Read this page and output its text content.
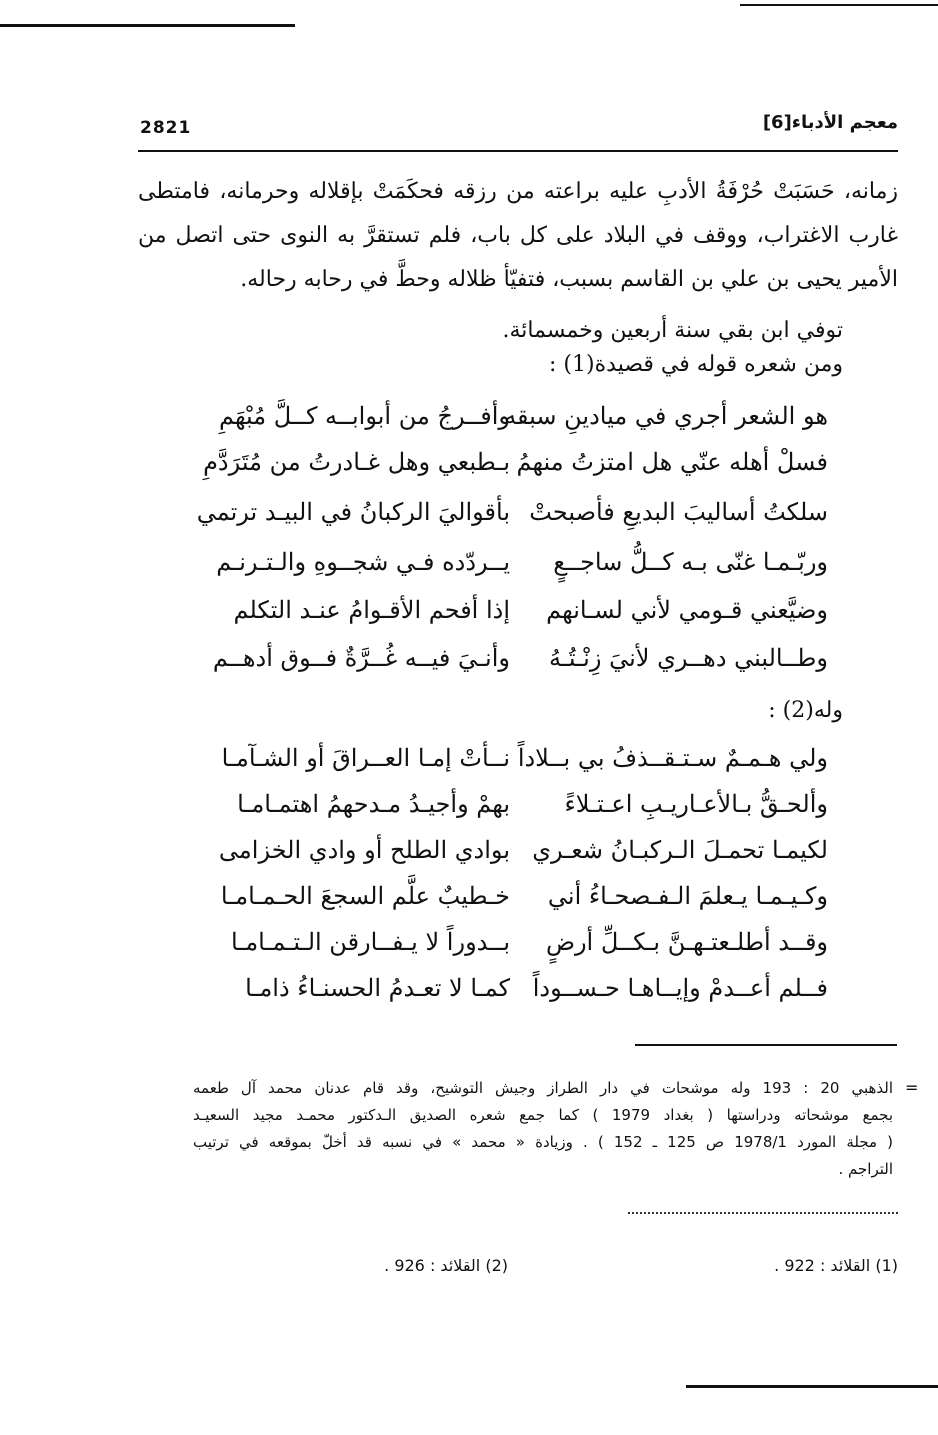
معجم الأدباء[6]
2821
زمانه، حَسَبَتْ حُرْفَةُ الأدبِ عليه براعته من رزقه فحكَمَتْ بإقلاله وحرمانه، فامتطى
غارب الاغتراب، ووقف في البلاد على كل باب، فلم تستقرَّ به النوى حتى اتصل من
الأمير يحيى بن علي بن القاسم بسبب، فتفيّأ ظلاله وحطَّ في رحابه رحاله.
توفي ابن بقي سنة أربعين وخمسمائة.
ومن شعره قوله في قصيدة(1) :
هو الشعر أجري في ميادينِ سبقه
وأفــرجُ من أبوابــه كــلَّ مُبْهَمِ
فسلْ أهله عنّي هل امتزتُ منهمُ
بـطبعي وهل غـادرتُ من مُتَرَدَّمِ
سلكتُ أساليبَ البديعِ فأصبحتْ
بأقواليَ الركبانُ في البيـد ترتمي
وربّـمـا غنّى بـه كــلُّ ساجــعٍ
يــردّده فـي شجــوهِ والـتـرنـم
وضيَّعني قـومي لأني لسـانهم
إذا أفحم الأقـوامُ عنـد التكلم
وطــالبني دهــري لأنيَ زِنْـتُـهُ
وأنـيَ فيــه غُــرَّةٌ فــوق أدهــم
وله(2) :
ولي هـمـمٌ سـتـقــذفُ بي بــلاداً
نــأتْ إمـا العــراقَ أو الشـآمـا
وألحـقُّ بـالأعـاريـبِ اعـتـلاءً
بهمْ وأجيـدُ مـدحهمُ اهتمـامـا
لكيمـا تحمـلَ الـركبـانُ شعـري
بوادي الطلح أو وادي الخزامى
وكـيـمـا يـعلمَ الـفـصحـاءُ أني
خـطيبٌ علَّم السجعَ الحـمـامـا
وقــد أطلـعتـهـنَّ بـكــلِّ أرضٍ
بــدوراً لا يـفــارقن الـتـمـامـا
فــلم أعــدمْ وإيــاهـا حـســوداً
كمـا لا تعـدمُ الحسنـاءُ ذامـا
=
الذهبي 20 : 193 وله موشحات في دار الطراز وجيش التوشيح، وقد قام عدنان محمد آل طعمه
بجمع موشحاته ودراستها ( بغداد 1979 ) كما جمع شعره الصديق الـدكتور محمـد مجيد السعيـد
( مجلة المورد 1978/1 ص 125 ـ 152 ) . وزيادة « محمد » في نسبه قد أخلّ بموقعه في ترتيب
التراجم .
(1) القلائد : 922 .
(2) القلائد : 926 .
